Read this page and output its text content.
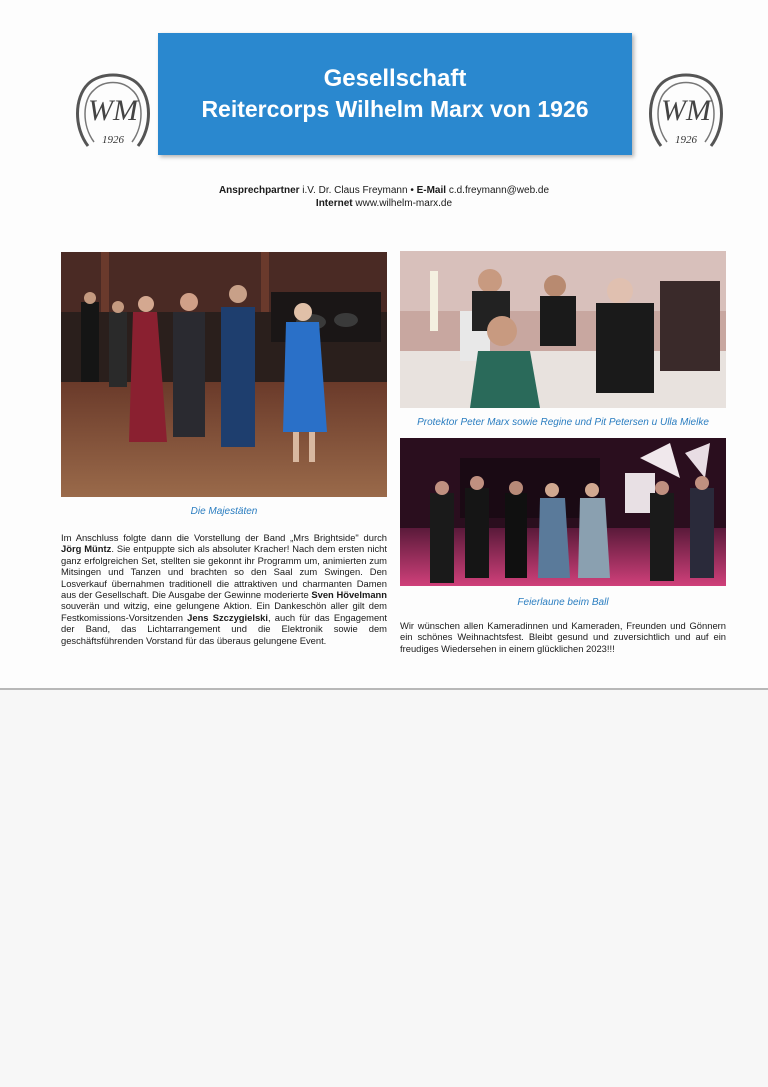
WM
1926
WM
1926
Gesellschaft
Reitercorps Wilhelm Marx von 1926
Ansprechpartner i.V. Dr. Claus Freymann • E-Mail c.d.freymann@web.de
Internet www.wilhelm-marx.de
Die Majestäten
Protektor Peter Marx sowie Regine und Pit Petersen u Ulla Mielke
Feierlaune beim Ball
Im Anschluss folgte dann die Vorstellung der Band „Mrs Brightside" durch Jörg Müntz. Sie entpuppte sich als absoluter Kracher! Nach dem ersten nicht ganz erfolgreichen Set, stellten sie gekonnt ihr Programm um, animierten zum Mitsingen und Tanzen und brachten so den Saal zum Swingen. Den Losverkauf übernahmen traditionell die attraktiven und charmanten Damen aus der Gesellschaft. Die Ausgabe der Gewinne moderierte Sven Hövelmann souverän und witzig, eine gelungene Aktion. Ein Dankeschön aller gilt dem Festkomissions-Vorsitzenden Jens Szczygielski, auch für das Engagement der Band, das Lichtarrangement und die Elektronik sowie dem geschäftsführenden Vorstand für das überaus gelungene Event.
Wir wünschen allen Kameradinnen und Kameraden, Freunden und Gönnern ein schönes Weihnachtsfest. Bleibt gesund und zuversichtlich und auf ein freudiges Wiedersehen in einem glücklichen 2023!!!
